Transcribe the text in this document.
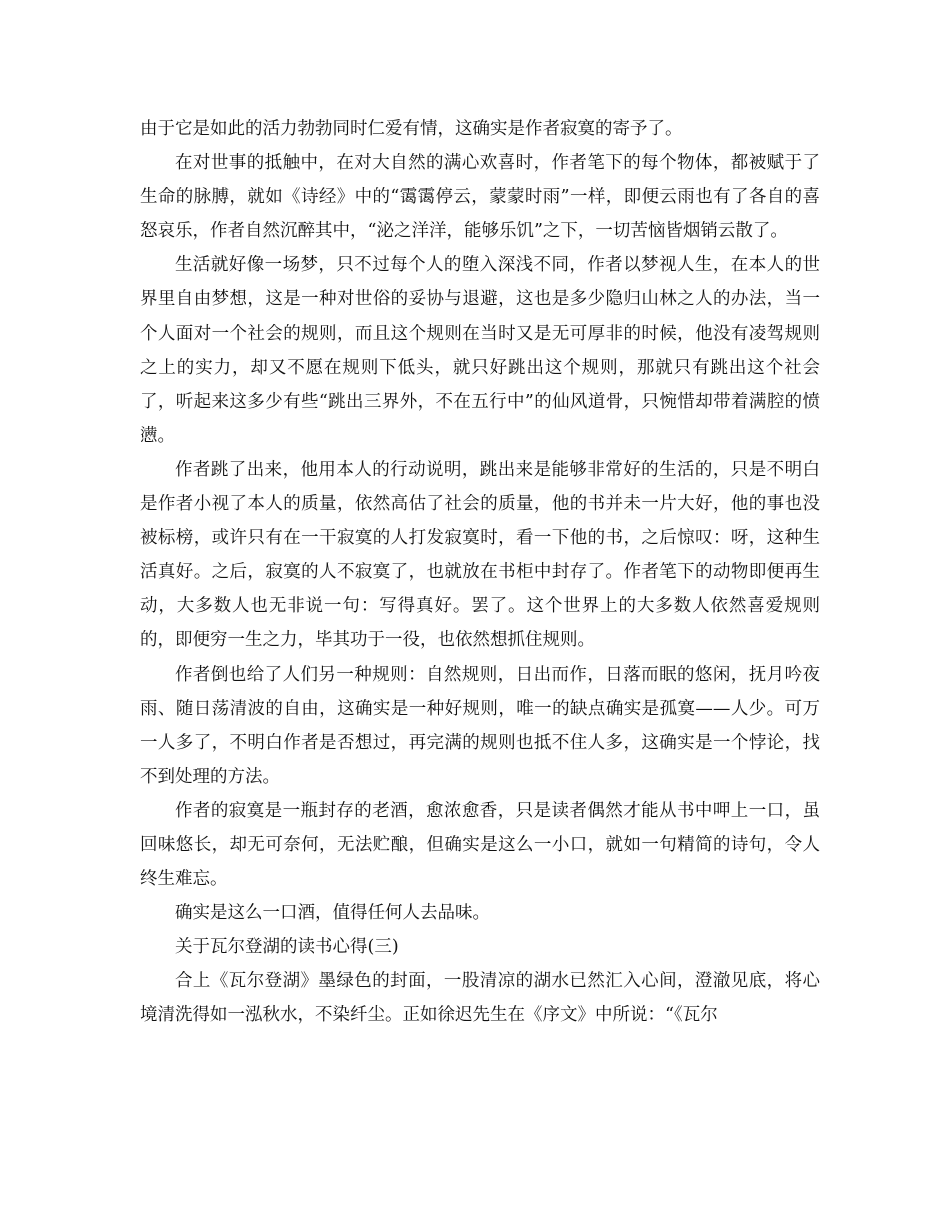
由于它是如此的活力勃勃同时仁爱有情，这确实是作者寂寞的寄予了。

在对世事的抵触中，在对大自然的满心欢喜时，作者笔下的每个物体，都被赋于了生命的脉膊，就如《诗经》中的“霭霭停云，蒙蒙时雨”一样，即便云雨也有了各自的喜怒哀乐，作者自然沉醉其中，“泌之洋洋，能够乐饥”之下，一切苦恼皆烟销云散了。

生活就好像一场梦，只不过每个人的堕入深浅不同，作者以梦视人生，在本人的世界里自由梦想，这是一种对世俗的妥协与退避，这也是多少隐归山林之人的办法，当一个人面对一个社会的规则，而且这个规则在当时又是无可厚非的时候，他没有凌驾规则之上的实力，却又不愿在规则下低头，就只好跳出这个规则，那就只有跳出这个社会了，听起来这多少有些“跳出三界外，不在五行中”的仙风道骨，只惋惜却带着满腔的愤懑。

作者跳了出来，他用本人的行动说明，跳出来是能够非常好的生活的，只是不明白是作者小视了本人的质量，依然高估了社会的质量，他的书并未一片大好，他的事也没被标榜，或许只有在一干寂寞的人打发寂寞时，看一下他的书，之后惊叹：呀，这种生活真好。之后，寂寞的人不寂寞了，也就放在书柜中封存了。作者笔下的动物即便再生动，大多数人也无非说一句：写得真好。罢了。这个世界上的大多数人依然喜爱规则的，即便穷一生之力，毕其功于一役，也依然想抓住规则。

作者倒也给了人们另一种规则：自然规则，日出而作，日落而眠的悠闲，抚月吟夜雨、随日荡清波的自由，这确实是一种好规则，唯一的缺点确实是孤寞——人少。可万一人多了，不明白作者是否想过，再完满的规则也抵不住人多，这确实是一个悖论，找不到处理的方法。

作者的寂寞是一瓶封存的老酒，愈浓愈香，只是读者偶然才能从书中呷上一口，虽回味悠长，却无可奈何，无法贮酿，但确实是这么一小口，就如一句精简的诗句，令人终生难忘。

确实是这么一口酒，值得任何人去品味。

关于瓦尔登湖的读书心得(三)

合上《瓦尔登湖》墨绿色的封面，一股清凉的湖水已然汇入心间，澄澈见底，将心境清洗得如一泓秋水，不染纤尘。正如徐迟先生在《序文》中所说：“《瓦尔
